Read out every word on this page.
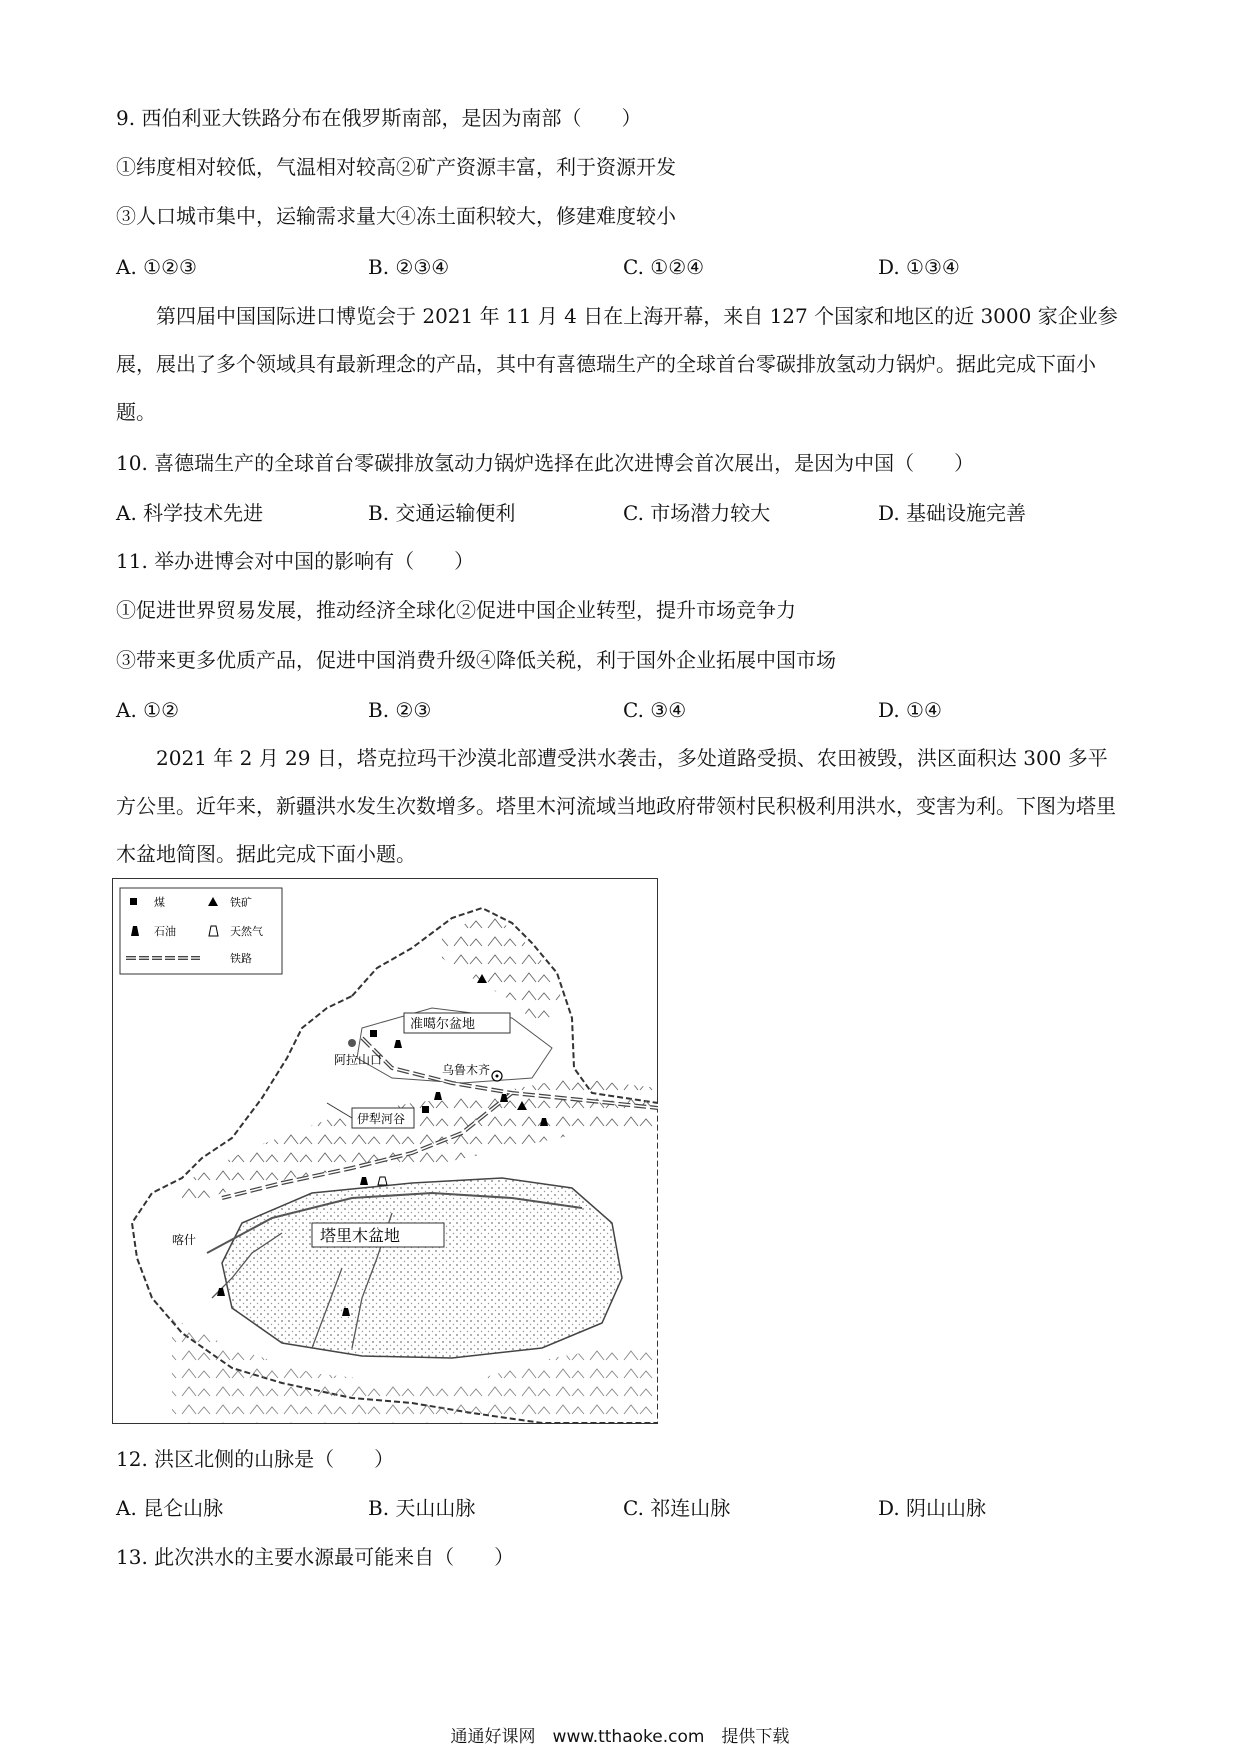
9. 西伯利亚大铁路分布在俄罗斯南部，是因为南部（　　）
①纬度相对较低，气温相对较高②矿产资源丰富，利于资源开发
③人口城市集中，运输需求量大④冻土面积较大，修建难度较小
A. ①②③	B. ②③④	C. ①②④	D. ①③④
第四届中国国际进口博览会于 2021 年 11 月 4 日在上海开幕，来自 127 个国家和地区的近 3000 家企业参展，展出了多个领域具有最新理念的产品，其中有喜德瑞生产的全球首台零碳排放氢动力锅炉。据此完成下面小题。
10. 喜德瑞生产的全球首台零碳排放氢动力锅炉选择在此次进博会首次展出，是因为中国（　　）
A. 科学技术先进	B. 交通运输便利	C. 市场潜力较大	D. 基础设施完善
11. 举办进博会对中国的影响有（　　）
①促进世界贸易发展，推动经济全球化②促进中国企业转型，提升市场竞争力
③带来更多优质产品，促进中国消费升级④降低关税，利于国外企业拓展中国市场
A. ①②	B. ②③	C. ③④	D. ①④
2021 年 2 月 29 日，塔克拉玛干沙漠北部遭受洪水袭击，多处道路受损、农田被毁，洪区面积达 300 多平方公里。近年来，新疆洪水发生次数增多。塔里木河流域当地政府带领村民积极利用洪水，变害为利。下图为塔里木盆地简图。据此完成下面小题。
煤	铁矿
石油	天然气
铁路
准噶尔盆地
阿拉山口
乌鲁木齐
伊犁河谷
喀什	塔里木盆地
12. 洪区北侧的山脉是（　　）
A. 昆仑山脉	B. 天山山脉	C. 祁连山脉	D. 阴山山脉
13. 此次洪水的主要水源最可能来自（　　）
通通好课网　www.tthaoke.com　提供下载
